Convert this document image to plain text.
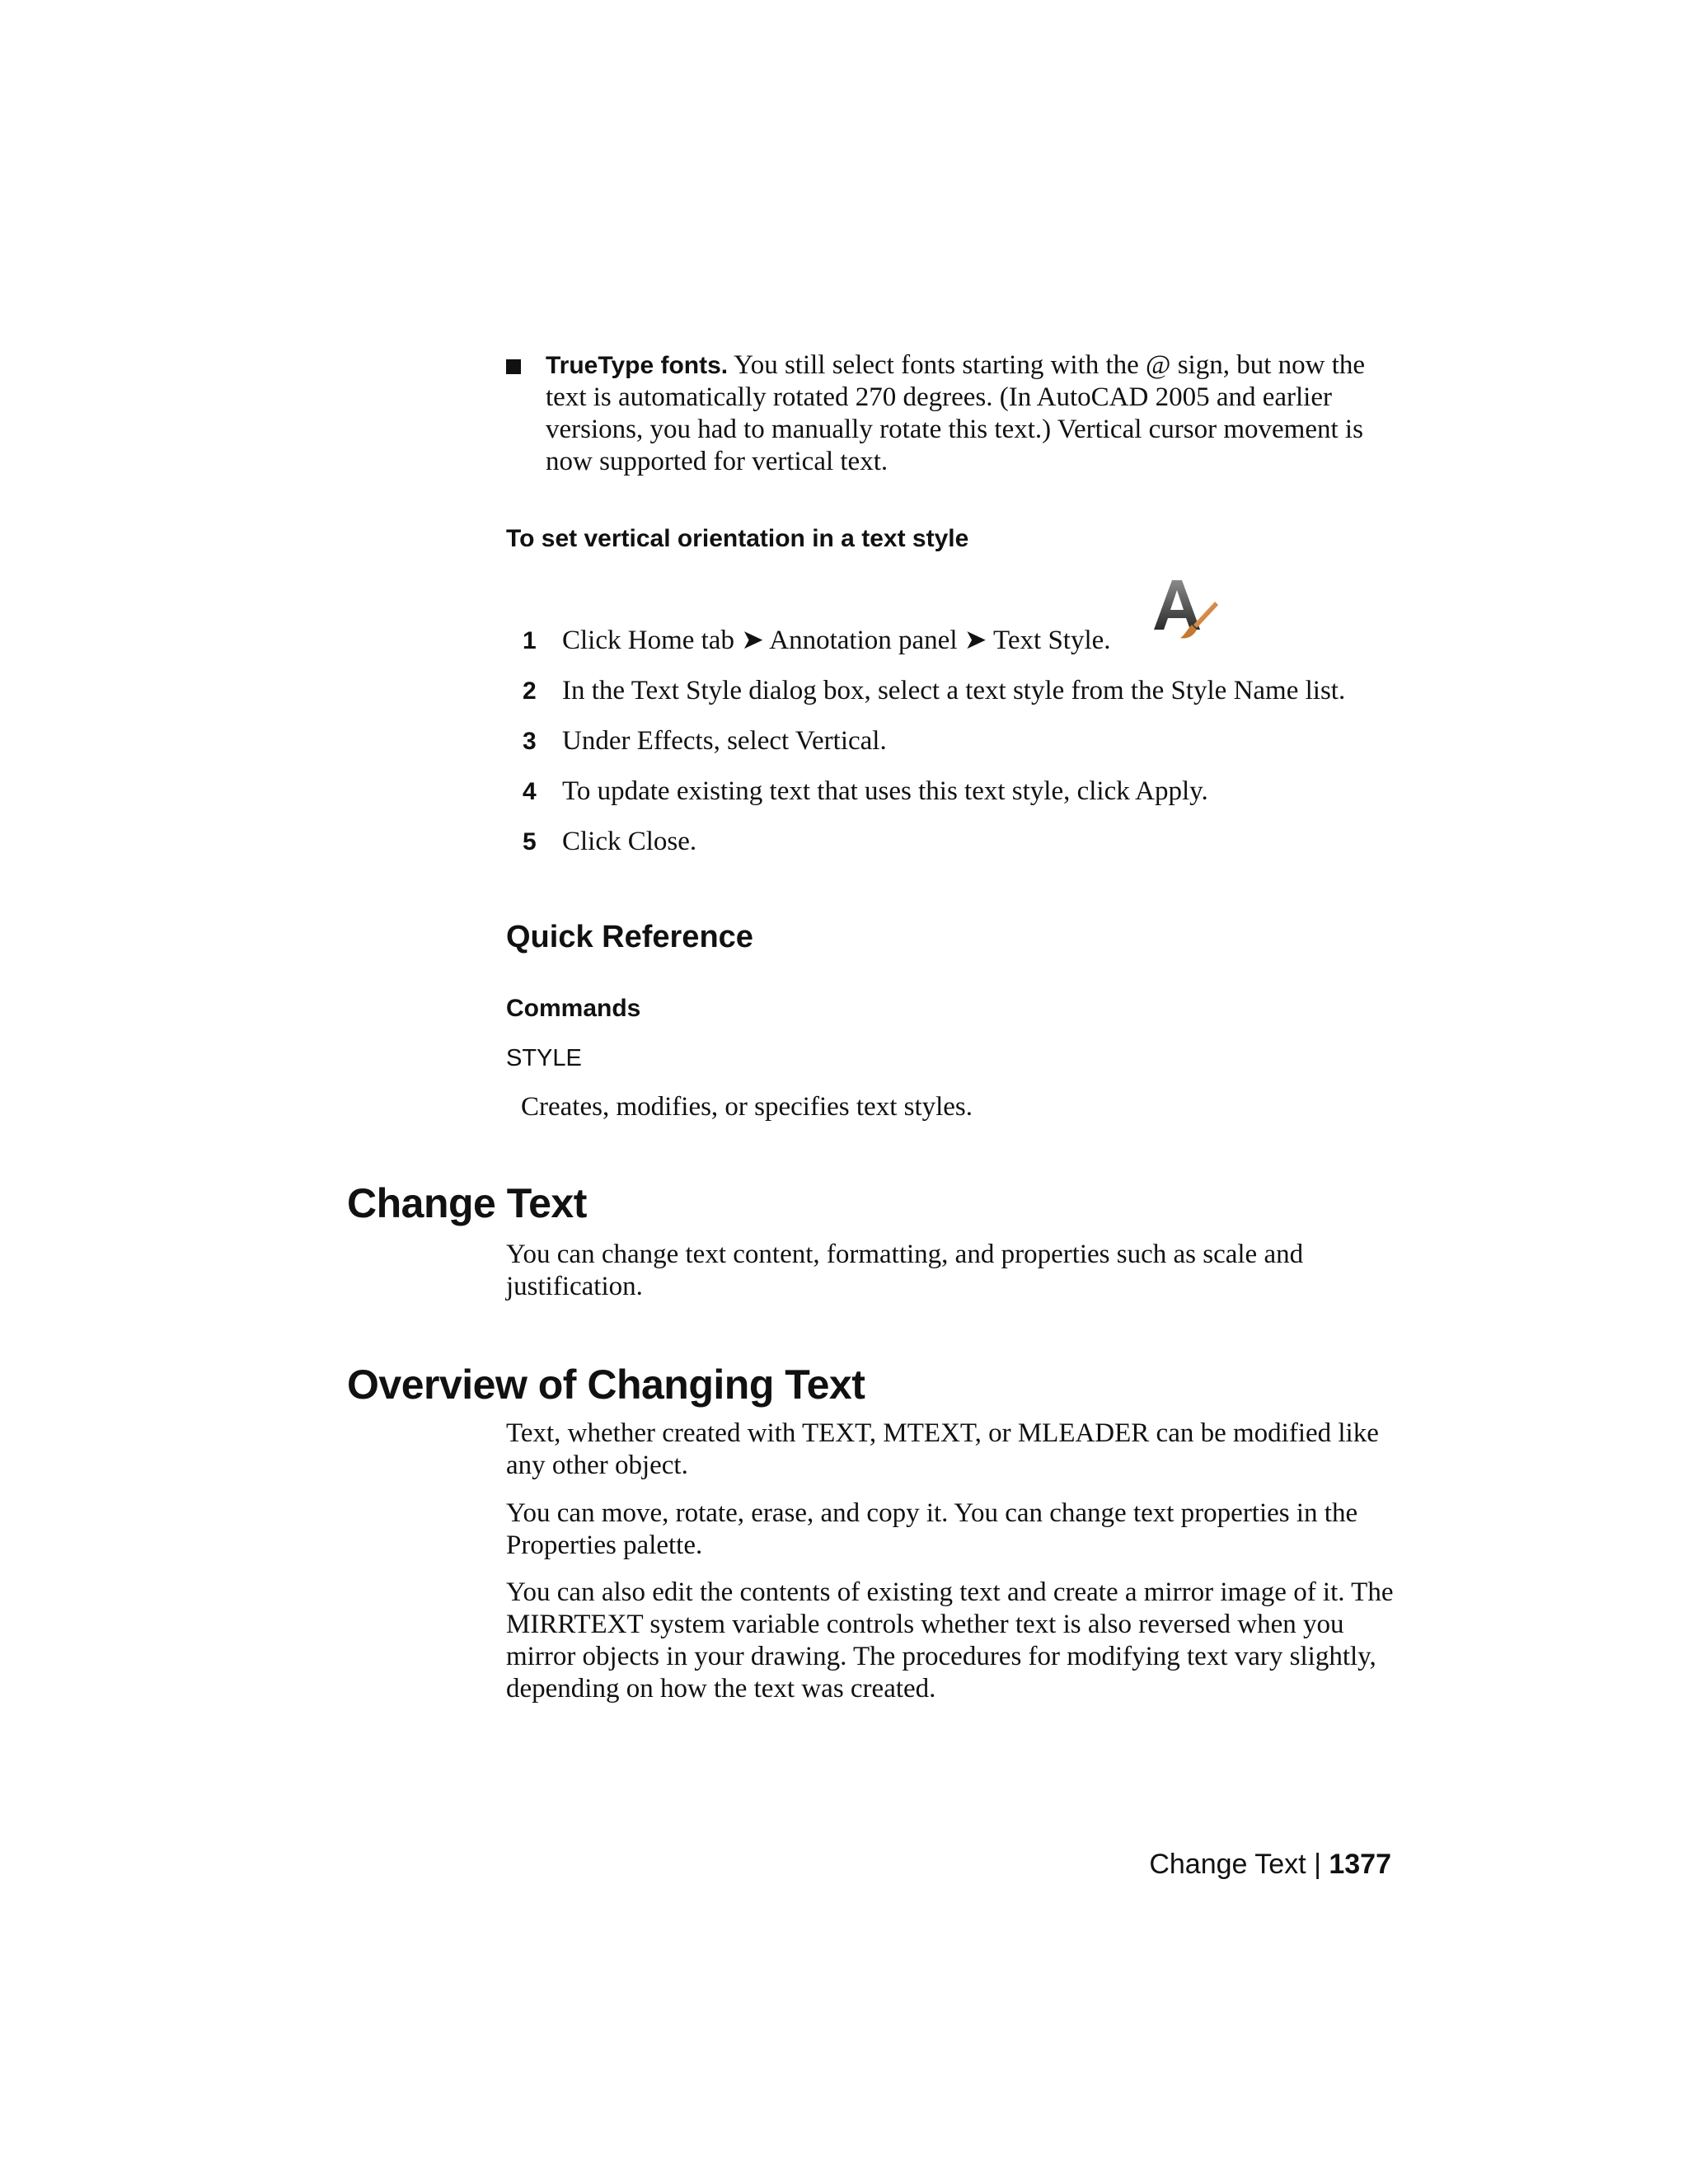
TrueType fonts. You still select fonts starting with the @ sign, but now the text is automatically rotated 270 degrees. (In AutoCAD 2005 and earlier versions, you had to manually rotate this text.) Vertical cursor movement is now supported for vertical text.
To set vertical orientation in a text style
1 Click Home tab ➤ Annotation panel ➤ Text Style.
2 In the Text Style dialog box, select a text style from the Style Name list.
3 Under Effects, select Vertical.
4 To update existing text that uses this text style, click Apply.
5 Click Close.
Quick Reference
Commands
STYLE
Creates, modifies, or specifies text styles.
Change Text
You can change text content, formatting, and properties such as scale and justification.
Overview of Changing Text
Text, whether created with TEXT, MTEXT, or MLEADER can be modified like any other object.
You can move, rotate, erase, and copy it. You can change text properties in the Properties palette.
You can also edit the contents of existing text and create a mirror image of it. The MIRRTEXT system variable controls whether text is also reversed when you mirror objects in your drawing. The procedures for modifying text vary slightly, depending on how the text was created.
Change Text | 1377
